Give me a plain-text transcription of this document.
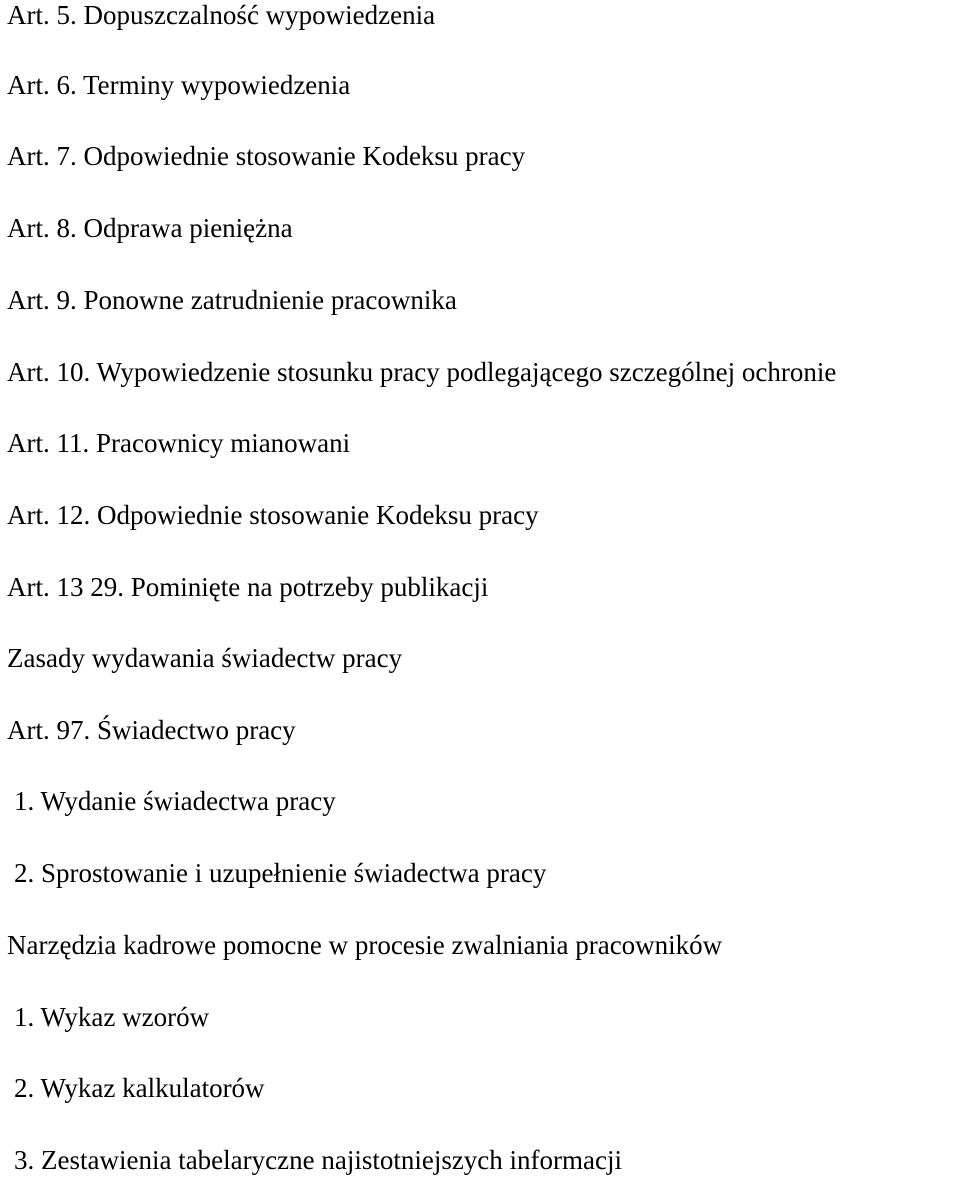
Art. 5. Dopuszczalność wypowiedzenia
Art. 6. Terminy wypowiedzenia
Art. 7. Odpowiednie stosowanie Kodeksu pracy
Art. 8. Odprawa pieniężna
Art. 9. Ponowne zatrudnienie pracownika
Art. 10. Wypowiedzenie stosunku pracy podlegającego szczególnej ochronie
Art. 11. Pracownicy mianowani
Art. 12. Odpowiednie stosowanie Kodeksu pracy
Art. 13 29. Pominięte na potrzeby publikacji
Zasady wydawania świadectw pracy
Art. 97. Świadectwo pracy
1. Wydanie świadectwa pracy
2. Sprostowanie i uzupełnienie świadectwa pracy
Narzędzia kadrowe pomocne w procesie zwalniania pracowników
1. Wykaz wzorów
2. Wykaz kalkulatorów
3. Zestawienia tabelaryczne najistotniejszych informacji
